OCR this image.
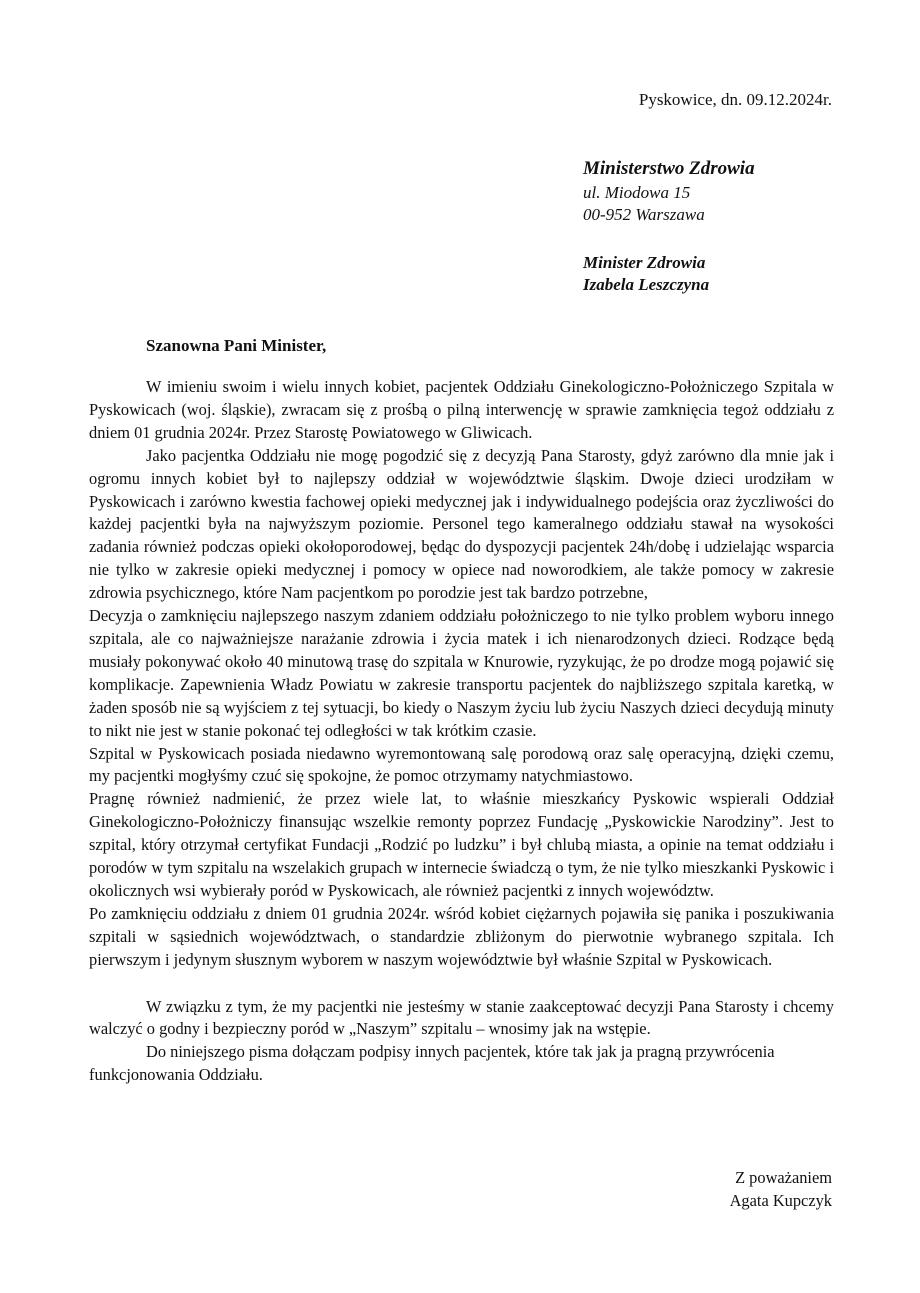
Pyskowice, dn. 09.12.2024r.
Ministerstwo Zdrowia
ul. Miodowa 15
00-952 Warszawa
Minister Zdrowia
Izabela Leszczyna
Szanowna Pani Minister,

W imieniu swoim i wielu innych kobiet, pacjentek Oddziału Ginekologiczno-Położniczego Szpitala w Pyskowicach (woj. śląskie), zwracam się z prośbą o pilną interwencję w sprawie zamknięcia tegoż oddziału z dniem 01 grudnia 2024r. Przez Starostę Powiatowego w Gliwicach.

Jako pacjentka Oddziału nie mogę pogodzić się z decyzją Pana Starosty, gdyż zarówno dla mnie jak i ogromu innych kobiet był to najlepszy oddział w województwie śląskim. Dwoje dzieci urodziłam w Pyskowicach i zarówno kwestia fachowej opieki medycznej jak i indywidualnego podejścia oraz życzliwości do każdej pacjentki była na najwyższym poziomie. Personel tego kameralnego oddziału stawał na wysokości zadania również podczas opieki okołoporodowej, będąc do dyspozycji pacjentek 24h/dobę i udzielając wsparcia nie tylko w zakresie opieki medycznej i pomocy w opiece nad noworodkiem, ale także pomocy w zakresie zdrowia psychicznego, które Nam pacjentkom po porodzie jest tak bardzo potrzebne,

Decyzja o zamknięciu najlepszego naszym zdaniem oddziału położniczego to nie tylko problem wyboru innego szpitala, ale co najważniejsze narażanie zdrowia i życia matek i ich nienarodzonych dzieci. Rodzące będą musiały pokonywać około 40 minutową trasę do szpitala w Knurowie, ryzykując, że po drodze mogą pojawić się komplikacje. Zapewnienia Władz Powiatu w zakresie transportu pacjentek do najbliższego szpitala karetką, w żaden sposób nie są wyjściem z tej sytuacji, bo kiedy o Naszym życiu lub życiu Naszych dzieci decydują minuty to nikt nie jest w stanie pokonać tej odległości w tak krótkim czasie.

Szpital w Pyskowicach posiada niedawno wyremontowaną salę porodową oraz salę operacyjną, dzięki czemu, my pacjentki mogłyśmy czuć się spokojne, że pomoc otrzymamy natychmiastowo.

Pragnę również nadmienić, że przez wiele lat, to właśnie mieszkańcy Pyskowic wspierali Oddział Ginekologiczno-Położniczy finansując wszelkie remonty poprzez Fundację „Pyskowickie Narodziny”. Jest to szpital, który otrzymał certyfikat Fundacji „Rodzić po ludzku” i był chlubą miasta, a opinie na temat oddziału i porodów w tym szpitalu na wszelakich grupach w internecie świadczą o tym, że nie tylko mieszkanki Pyskowic i okolicznych wsi wybierały poród w Pyskowicach, ale również pacjentki z innych województw.

Po zamknięciu oddziału z dniem 01 grudnia 2024r. wśród kobiet ciężarnych pojawiła się panika i poszukiwania szpitali w sąsiednich województwach, o standardzie zbliżonym do pierwotnie wybranego szpitala. Ich pierwszym i jedynym słusznym wyborem w naszym województwie był właśnie Szpital w Pyskowicach.

W związku z tym, że my pacjentki nie jesteśmy w stanie zaakceptować decyzji Pana Starosty i chcemy walczyć o godny i bezpieczny poród w „Naszym” szpitalu – wnosimy jak na wstępie.

Do niniejszego pisma dołączam podpisy innych pacjentek, które tak jak ja pragną przywrócenia funkcjonowania Oddziału.

Z poważaniem
Agata Kupczyk
